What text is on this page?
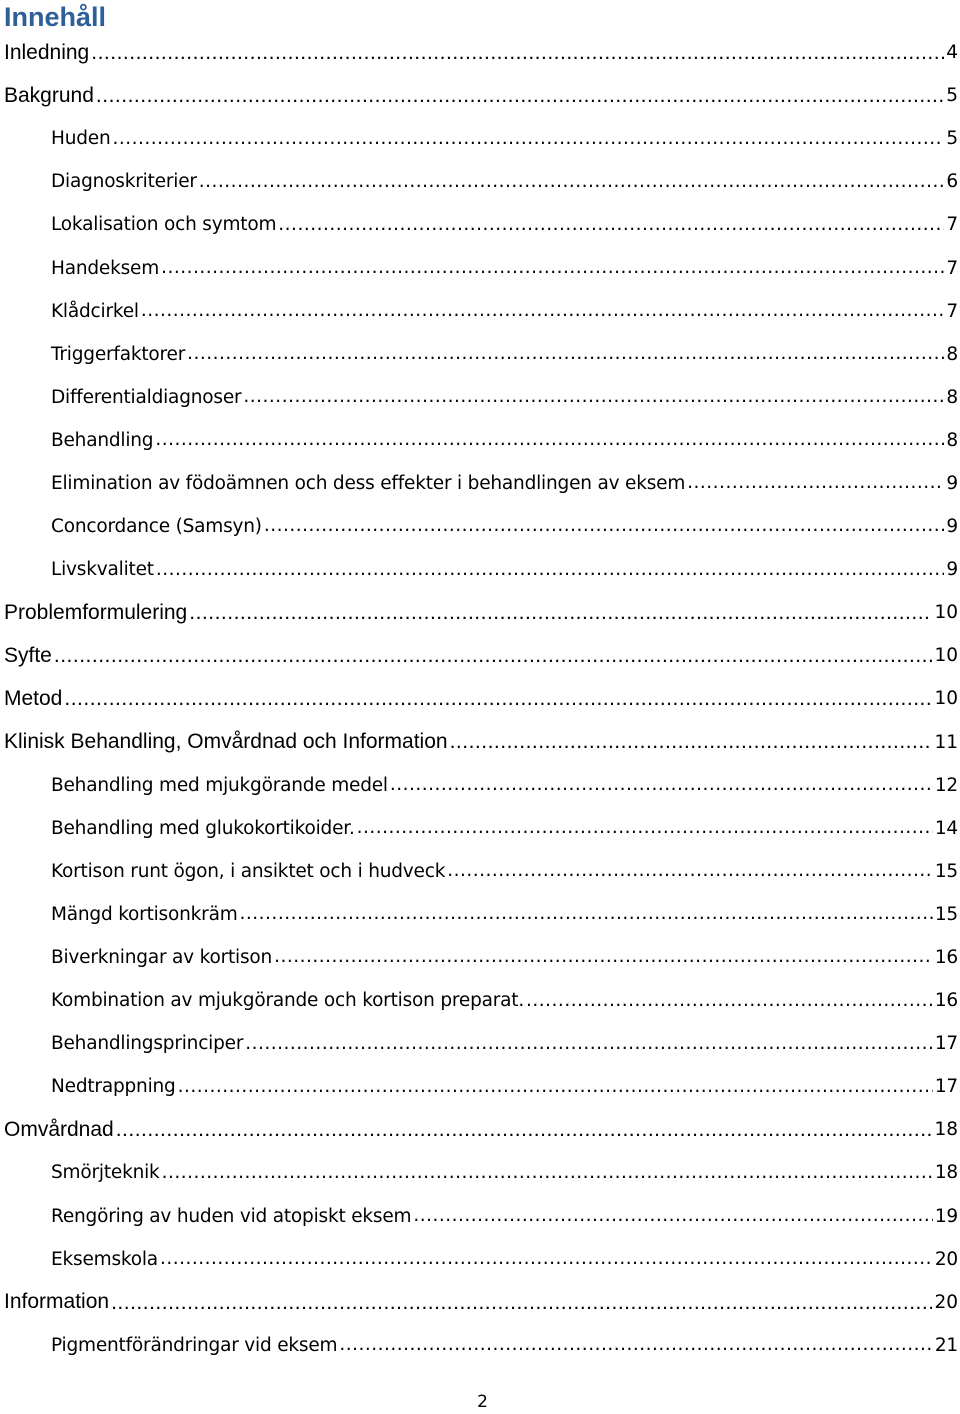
Innehåll
Inledning .....	4
Bakgrund .....	5
Huden .....	5
Diagnoskriterier .....	6
Lokalisation och symtom .....	7
Handeksem .....	7
Klådcirkel .....	7
Triggerfaktorer .....	8
Differentialdiagnoser .....	8
Behandling .....	8
Elimination av födoämnen och dess effekter i behandlingen av eksem .....	9
Concordance (Samsyn) .....	9
Livskvalitet .....	9
Problemformulering .....	10
Syfte .....	10
Metod .....	10
Klinisk Behandling, Omvårdnad och Information .....	11
Behandling med mjukgörande medel .....	12
Behandling med glukokortikoider. .....	14
Kortison runt ögon, i ansiktet och i hudveck .....	15
Mängd kortisonkräm .....	15
Biverkningar av kortison .....	16
Kombination av mjukgörande och kortison preparat. .....	16
Behandlingsprinciper .....	17
Nedtrappning .....	17
Omvårdnad .....	18
Smörjteknik .....	18
Rengöring av huden vid atopiskt eksem .....	19
Eksemskola .....	20
Information .....	20
Pigmentförändringar vid eksem .....	21
2
